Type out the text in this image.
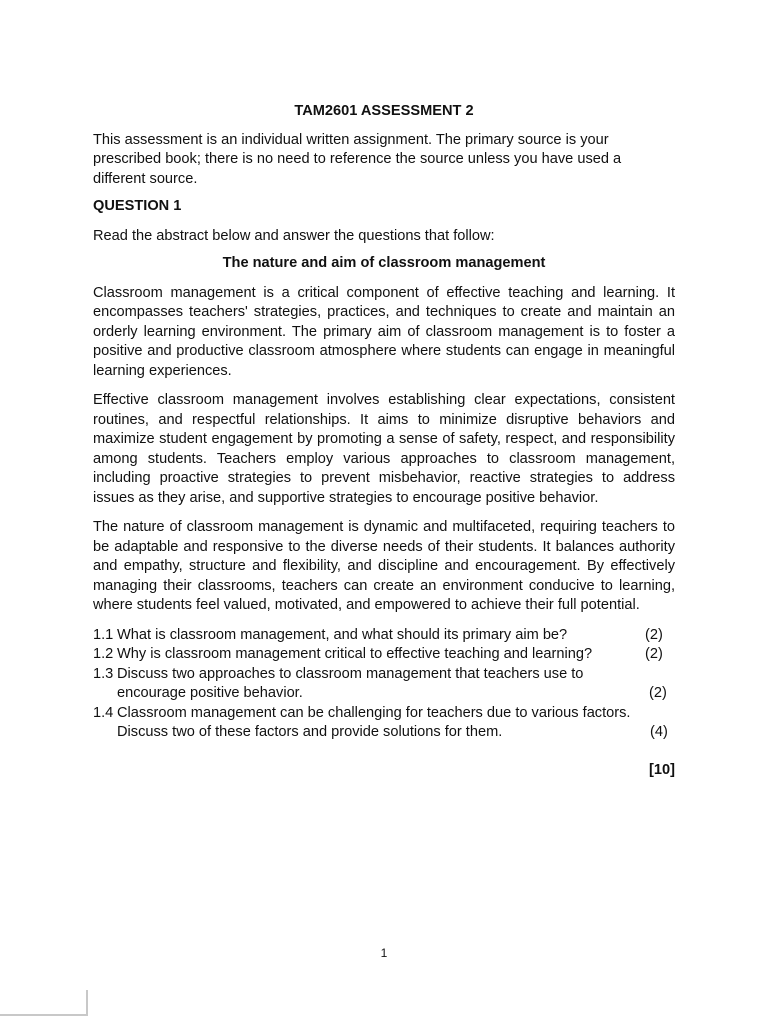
TAM2601 ASSESSMENT 2
This assessment is an individual written assignment. The primary source is your prescribed book; there is no need to reference the source unless you have used a different source.
QUESTION 1
Read the abstract below and answer the questions that follow:
The nature and aim of classroom management
Classroom management is a critical component of effective teaching and learning. It encompasses teachers' strategies, practices, and techniques to create and maintain an orderly learning environment. The primary aim of classroom management is to foster a positive and productive classroom atmosphere where students can engage in meaningful learning experiences.
Effective classroom management involves establishing clear expectations, consistent routines, and respectful relationships. It aims to minimize disruptive behaviors and maximize student engagement by promoting a sense of safety, respect, and responsibility among students. Teachers employ various approaches to classroom management, including proactive strategies to prevent misbehavior, reactive strategies to address issues as they arise, and supportive strategies to encourage positive behavior.
The nature of classroom management is dynamic and multifaceted, requiring teachers to be adaptable and responsive to the diverse needs of their students. It balances authority and empathy, structure and flexibility, and discipline and encouragement. By effectively managing their classrooms, teachers can create an environment conducive to learning, where students feel valued, motivated, and empowered to achieve their full potential.
1.1 What is classroom management, and what should its primary aim be?	(2)
1.2 Why is classroom management critical to effective teaching and learning?	(2)
1.3 Discuss two approaches to classroom management that teachers use to encourage positive behavior.	(2)
1.4 Classroom management can be challenging for teachers due to various factors. Discuss two of these factors and provide solutions for them.	(4)
[10]
1
